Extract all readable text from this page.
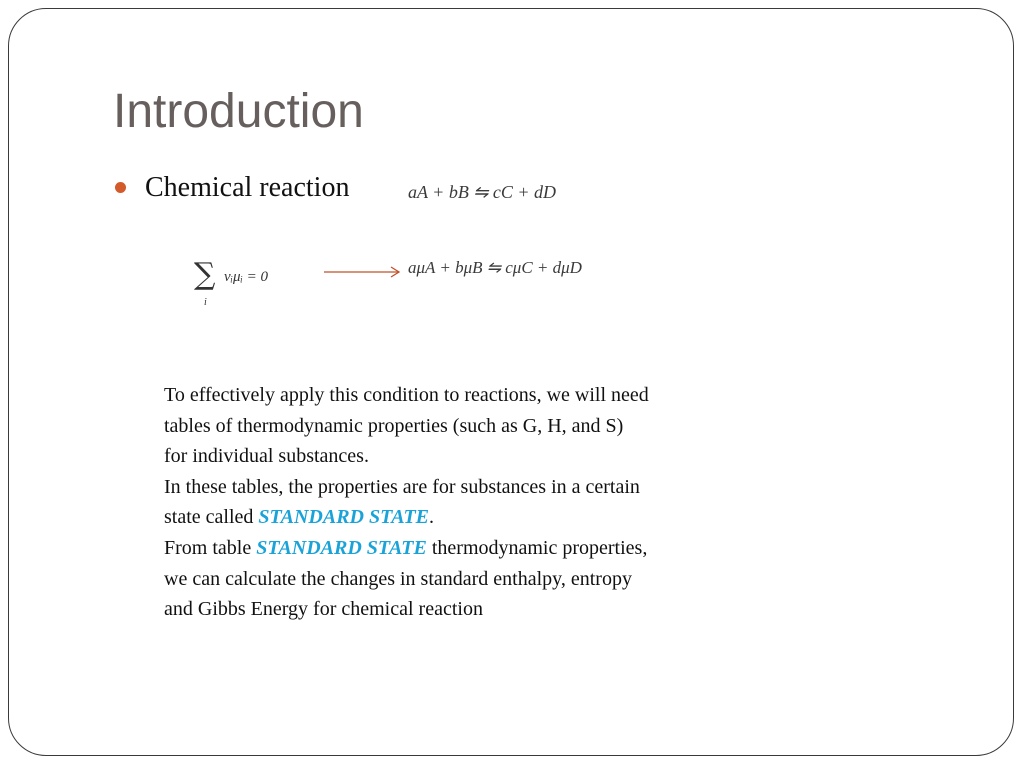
Introduction
Chemical reaction	aA + bB ⇋ cC + dD
∑
i
vᵢμᵢ = 0	aμA + bμB ⇋ cμC + dμD
To effectively apply this condition to reactions, we will need
tables of thermodynamic properties (such as G, H, and S)
for individual substances.
In these tables, the properties are for substances in a certain
state called STANDARD STATE.
From table STANDARD STATE thermodynamic properties,
we can calculate the changes in standard enthalpy, entropy
and Gibbs Energy for chemical reaction
